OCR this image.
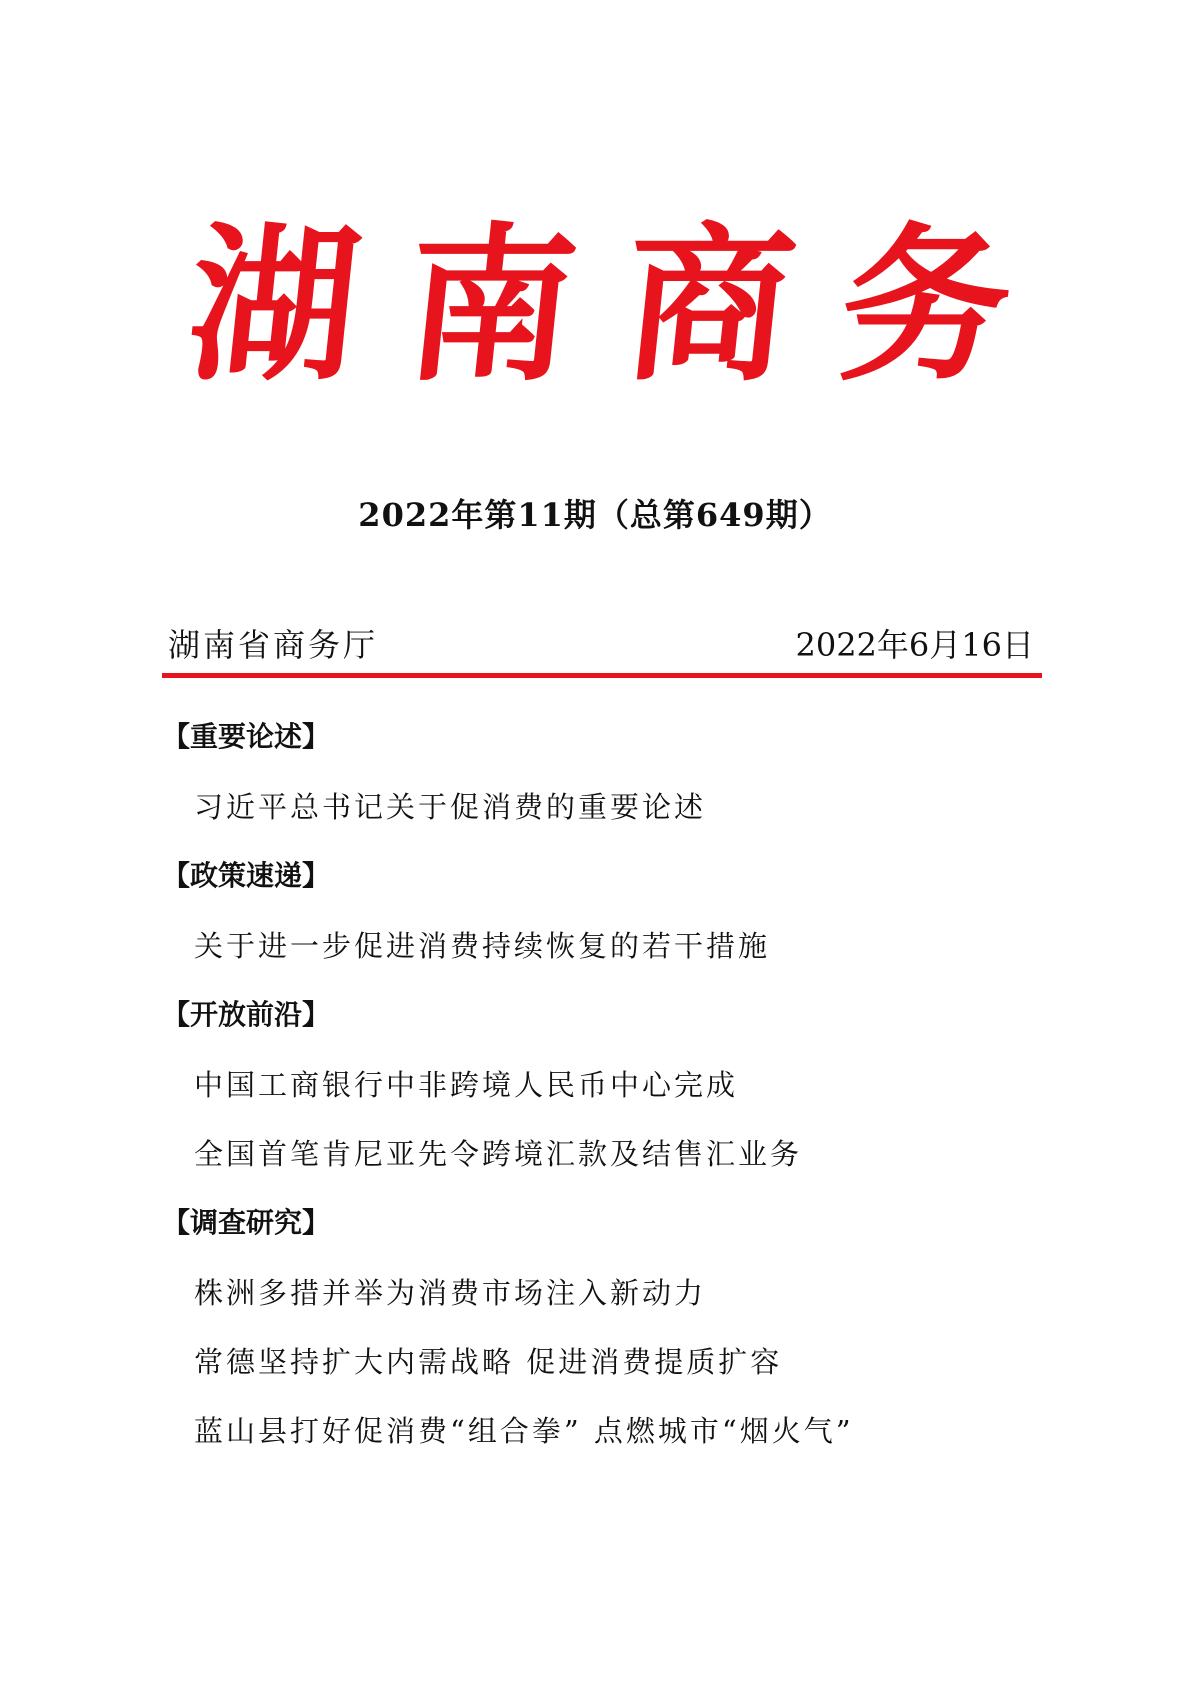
湖 南 商 务
2022年第11期（总第649期）
湖南省商务厅	2022年6月16日
【重要论述】
习近平总书记关于促消费的重要论述
【政策速递】
关于进一步促进消费持续恢复的若干措施
【开放前沿】
中国工商银行中非跨境人民币中心完成
全国首笔肯尼亚先令跨境汇款及结售汇业务
【调查研究】
株洲多措并举为消费市场注入新动力
常德坚持扩大内需战略 促进消费提质扩容
蓝山县打好促消费“组合拳” 点燃城市“烟火气”
